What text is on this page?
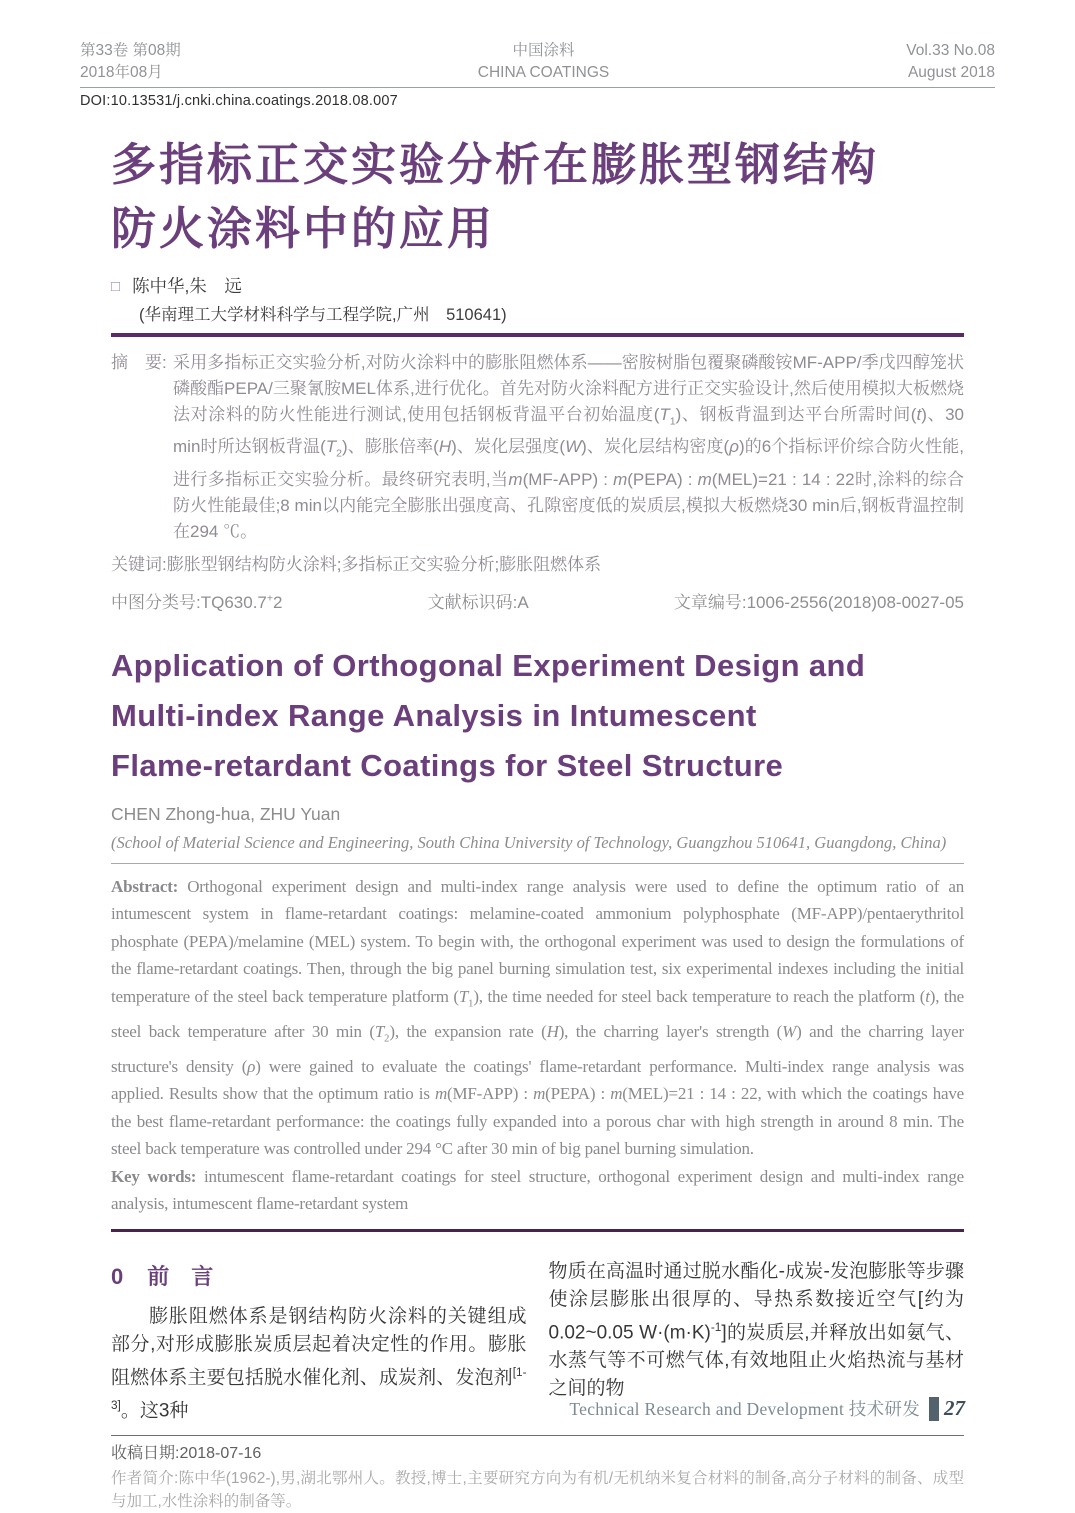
第33卷 第08期
2018年08月
中国涂料
CHINA COATINGS
Vol.33 No.08
August 2018
DOI:10.13531/j.cnki.china.coatings.2018.08.007
多指标正交实验分析在膨胀型钢结构
防火涂料中的应用
□ 陈中华,朱　远
(华南理工大学材料科学与工程学院,广州　510641)
摘　要: 采用多指标正交实验分析,对防火涂料中的膨胀阻燃体系——密胺树脂包覆聚磷酸铵MF-APP/季戊四醇笼状磷酸酯PEPA/三聚氰胺MEL体系,进行优化。首先对防火涂料配方进行正交实验设计,然后使用模拟大板燃烧法对涂料的防火性能进行测试,使用包括钢板背温平台初始温度$(T_1)$、钢板背温到达平台所需时间(t)、30 min时所达钢板背温$(T_2)$、膨胀倍率(H)、炭化层强度(W)、炭化层结构密度(ρ)的6个指标评价综合防火性能,进行多指标正交实验分析。最终研究表明,当m(MF-APP) : m(PEPA) : m(MEL)=21 : 14 : 22时,涂料的综合防火性能最佳;8 min以内能完全膨胀出强度高、孔隙密度低的炭质层,模拟大板燃烧30 min后,钢板背温控制在294 ℃。
关键词:膨胀型钢结构防火涂料;多指标正交实验分析;膨胀阻燃体系
中图分类号:TQ630.7+2	文献标识码:A	文章编号:1006-2556(2018)08-0027-05
Application of Orthogonal Experiment Design and
Multi-index Range Analysis in Intumescent
Flame-retardant Coatings for Steel Structure
CHEN Zhong-hua, ZHU Yuan
(School of Material Science and Engineering, South China University of Technology, Guangzhou 510641, Guangdong, China)

Abstract: Orthogonal experiment design and multi-index range analysis were used to define the optimum ratio of an intumescent system in flame-retardant coatings: melamine-coated ammonium polyphosphate (MF-APP)/pentaerythritol phosphate (PEPA)/melamine (MEL) system. To begin with, the orthogonal experiment was used to design the formulations of the flame-retardant coatings. Then, through the big panel burning simulation test, six experimental indexes including the initial temperature of the steel back temperature platform $(T_1)$, the time needed for steel back temperature to reach the platform (t), the steel back temperature after 30 $\min (T_2)$, the expansion rate (H), the charring layer's strength (W) and the charring layer structure's density (ρ) were gained to evaluate the coatings' flame-retardant performance. Multi-index range analysis was applied. Results show that the optimum ratio is m(MF-APP) : m(PEPA) : m(MEL)=21 : 14 : 22, with which the coatings have the best flame-retardant performance: the coatings fully expanded into a porous char with high strength in around 8 min. The steel back temperature was controlled under 294 °C after 30 min of big panel burning simulation.

Key words: intumescent flame-retardant coatings for steel structure, orthogonal experiment design and multi-index range analysis, intumescent flame-retardant system

0 前　言

膨胀阻燃体系是钢结构防火涂料的关键组成部分,对形成膨胀炭质层起着决定性的作用。膨胀阻燃体系主要包括脱水催化剂、成炭剂、发泡剂[1-3]。这3种

物质在高温时通过脱水酯化-成炭-发泡膨胀等步骤使涂层膨胀出很厚的、导热系数接近空气[约为0.02~0.05 $W\cdot(m\cdot K)^{-1}$]的炭质层,并释放出如氨气、水蒸气等不可燃气体,有效地阻止火焰热流与基材之间的物

收稿日期:2018-07-16
作者简介:陈中华(1962-),男,湖北鄂州人。教授,博士,主要研究方向为有机/无机纳米复合材料的制备,高分子材料的制备、成型与加工,水性涂料的制备等。
Technical Research and Development 技术研发 27
